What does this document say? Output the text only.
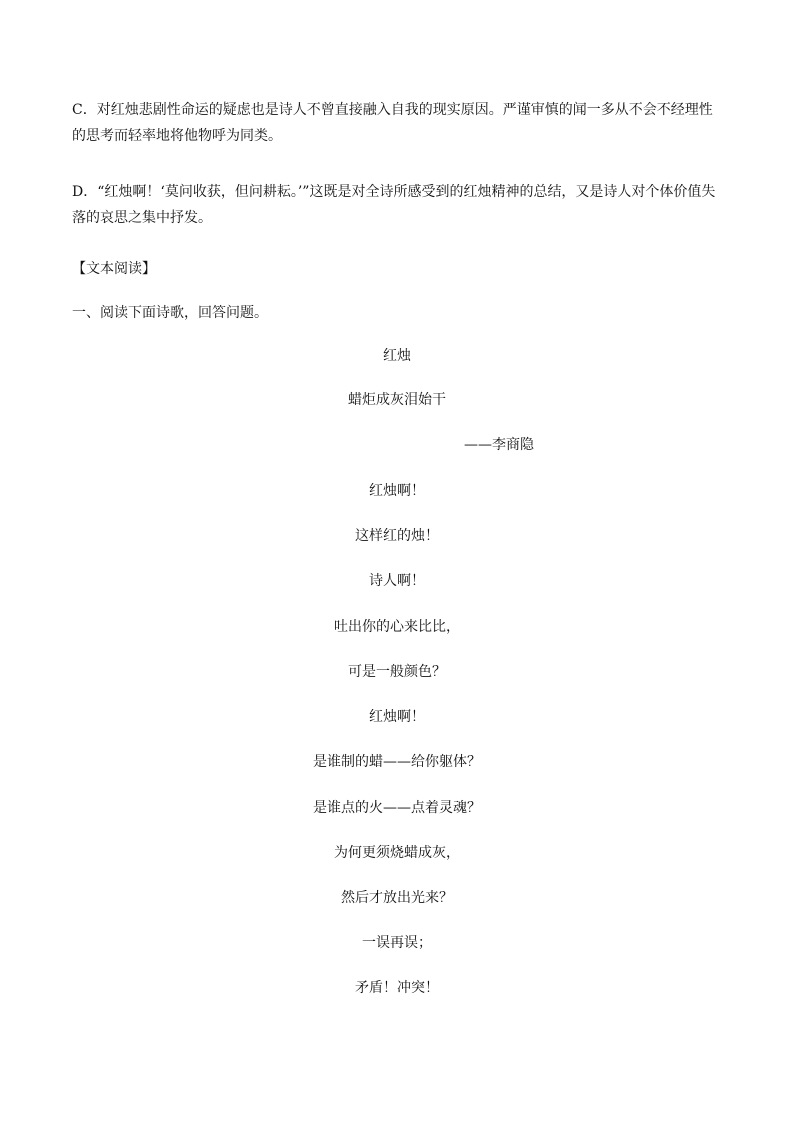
C．对红烛悲剧性命运的疑虑也是诗人不曾直接融入自我的现实原因。严谨审慎的闻一多从不会不经理性
的思考而轻率地将他物呼为同类。

D．“红烛啊！‘莫问收获，但问耕耘。’”这既是对全诗所感受到的红烛精神的总结，又是诗人对个体价值失
落的哀思之集中抒发。

【文本阅读】

一、阅读下面诗歌，回答问题。

红烛

蜡炬成灰泪始干

——李商隐

红烛啊！

这样红的烛！

诗人啊！

吐出你的心来比比，

可是一般颜色？

红烛啊！

是谁制的蜡——给你躯体？

是谁点的火——点着灵魂？

为何更须烧蜡成灰，

然后才放出光来？

一误再误；

矛盾！冲突！
